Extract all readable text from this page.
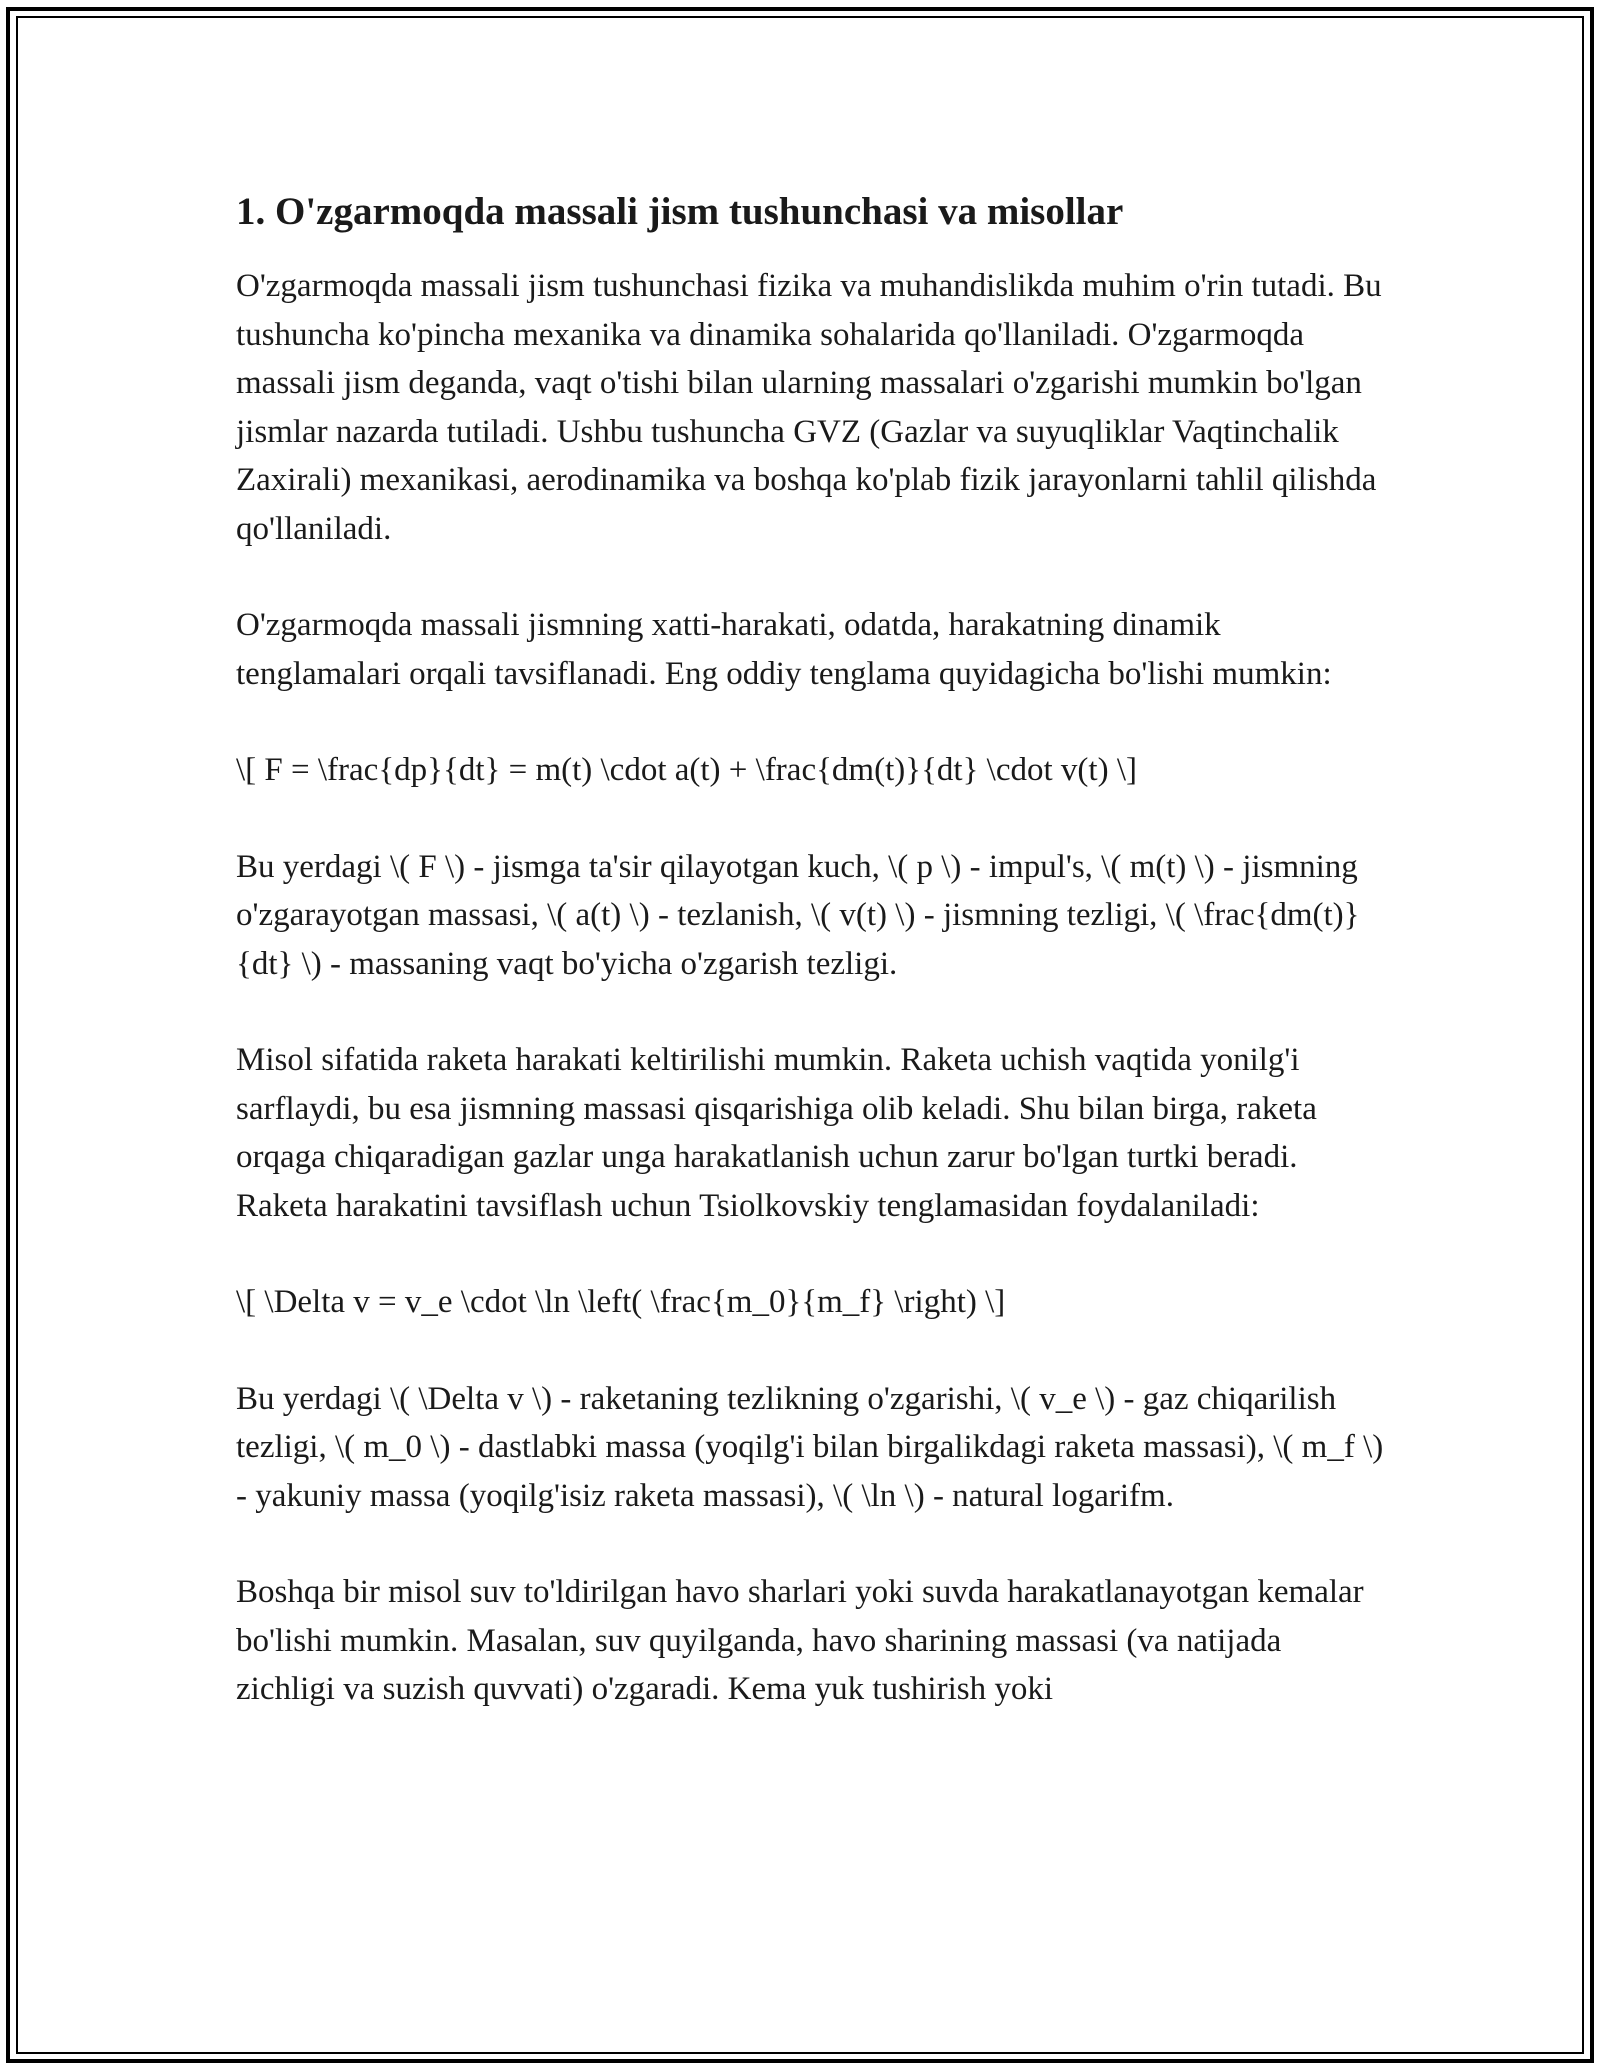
1. O'zgarmoqda massali jism tushunchasi va misollar

O'zgarmoqda massali jism tushunchasi fizika va muhandislikda muhim o'rin tutadi. Bu tushuncha ko'pincha mexanika va dinamika sohalarida qo'llaniladi. O'zgarmoqda massali jism deganda, vaqt o'tishi bilan ularning massalari o'zgarishi mumkin bo'lgan jismlar nazarda tutiladi. Ushbu tushuncha GVZ (Gazlar va suyuqliklar Vaqtinchalik Zaxirali) mexanikasi, aerodinamika va boshqa ko'plab fizik jarayonlarni tahlil qilishda qo'llaniladi.

O'zgarmoqda massali jismning xatti-harakati, odatda, harakatning dinamik tenglamalari orqali tavsiflanadi. Eng oddiy tenglama quyidagicha bo'lishi mumkin:

\[ F = \frac{dp}{dt} = m(t) \cdot a(t) + \frac{dm(t)}{dt} \cdot v(t) \]

Bu yerdagi \( F \) - jismga ta'sir qilayotgan kuch, \( p \) - impul's, \( m(t) \) - jismning o'zgarayotgan massasi, \( a(t) \) - tezlanish, \( v(t) \) - jismning tezligi, \( \frac{dm(t)}{dt} \) - massaning vaqt bo'yicha o'zgarish tezligi.

Misol sifatida raketa harakati keltirilishi mumkin. Raketa uchish vaqtida yonilg'i sarflaydi, bu esa jismning massasi qisqarishiga olib keladi. Shu bilan birga, raketa orqaga chiqaradigan gazlar unga harakatlanish uchun zarur bo'lgan turtki beradi. Raketa harakatini tavsiflash uchun Tsiolkovskiy tenglamasidan foydalaniladi:

\[ \Delta v = v_e \cdot \ln \left( \frac{m_0}{m_f} \right) \]

Bu yerdagi \( \Delta v \) - raketaning tezlikning o'zgarishi, \( v_e \) - gaz chiqarilish tezligi, \( m_0 \) - dastlabki massa (yoqilg'i bilan birgalikdagi raketa massasi), \( m_f \) - yakuniy massa (yoqilg'isiz raketa massasi), \( \ln \) - natural logarifm.

Boshqa bir misol suv to'ldirilgan havo sharlari yoki suvda harakatlanayotgan kemalar bo'lishi mumkin. Masalan, suv quyilganda, havo sharining massasi (va natijada zichligi va suzish quvvati) o'zgaradi. Kema yuk tushirish yoki
